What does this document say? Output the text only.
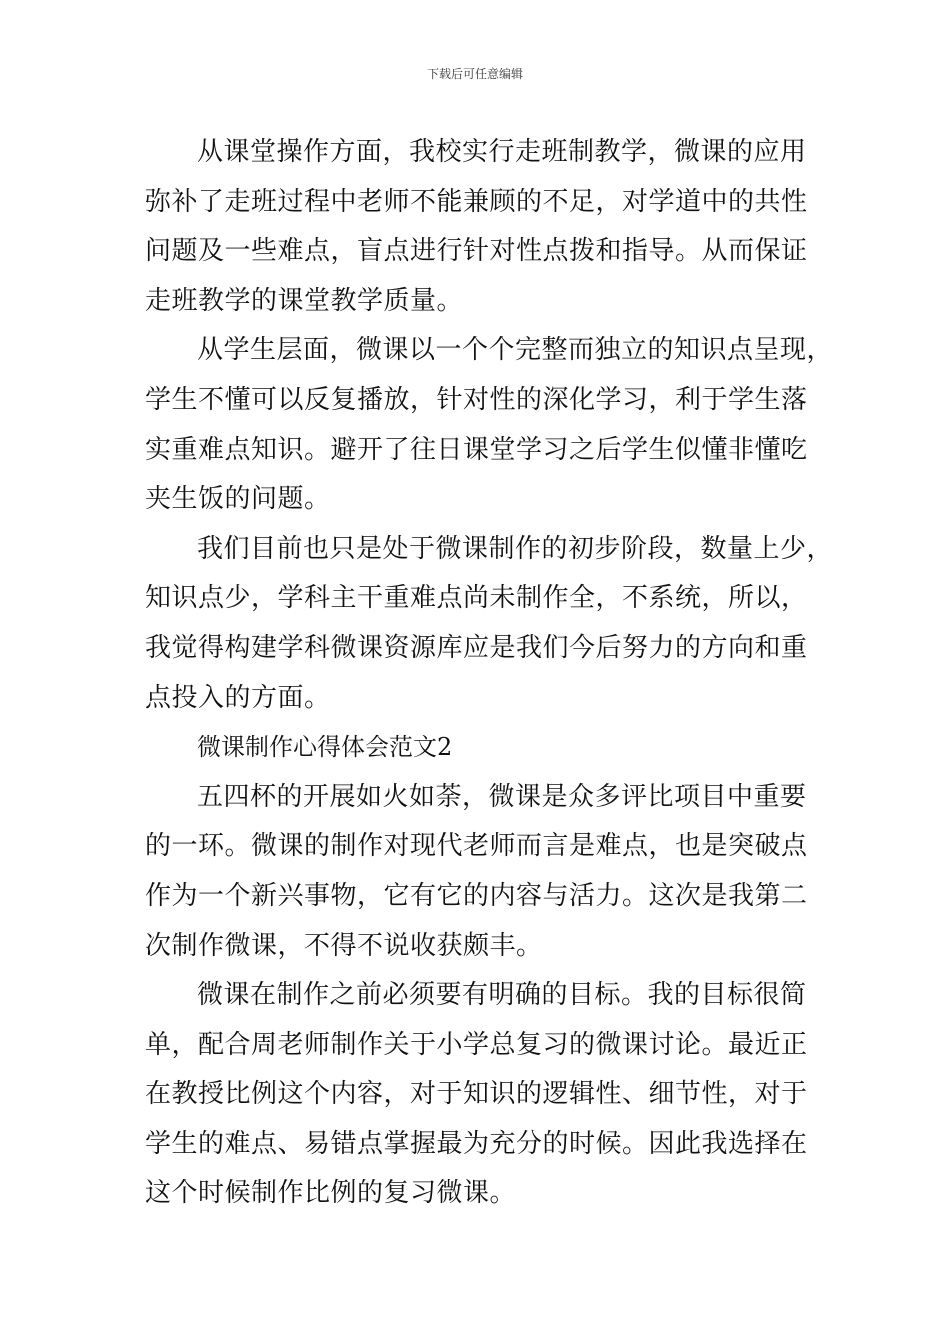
下载后可任意编辑

从课堂操作方面，我校实行走班制教学，微课的应用
弥补了走班过程中老师不能兼顾的不足，对学道中的共性
问题及一些难点，盲点进行针对性点拨和指导。从而保证
走班教学的课堂教学质量。

从学生层面，微课以一个个完整而独立的知识点呈现，
学生不懂可以反复播放，针对性的深化学习，利于学生落
实重难点知识。避开了往日课堂学习之后学生似懂非懂吃
夹生饭的问题。

我们目前也只是处于微课制作的初步阶段，数量上少，
知识点少，学科主干重难点尚未制作全，不系统，所以，
我觉得构建学科微课资源库应是我们今后努力的方向和重
点投入的方面。

微课制作心得体会范文2

五四杯的开展如火如荼，微课是众多评比项目中重要
的一环。微课的制作对现代老师而言是难点，也是突破点
作为一个新兴事物，它有它的内容与活力。这次是我第二
次制作微课，不得不说收获颇丰。

微课在制作之前必须要有明确的目标。我的目标很简
单，配合周老师制作关于小学总复习的微课讨论。最近正
在教授比例这个内容，对于知识的逻辑性、细节性，对于
学生的难点、易错点掌握最为充分的时候。因此我选择在
这个时候制作比例的复习微课。
